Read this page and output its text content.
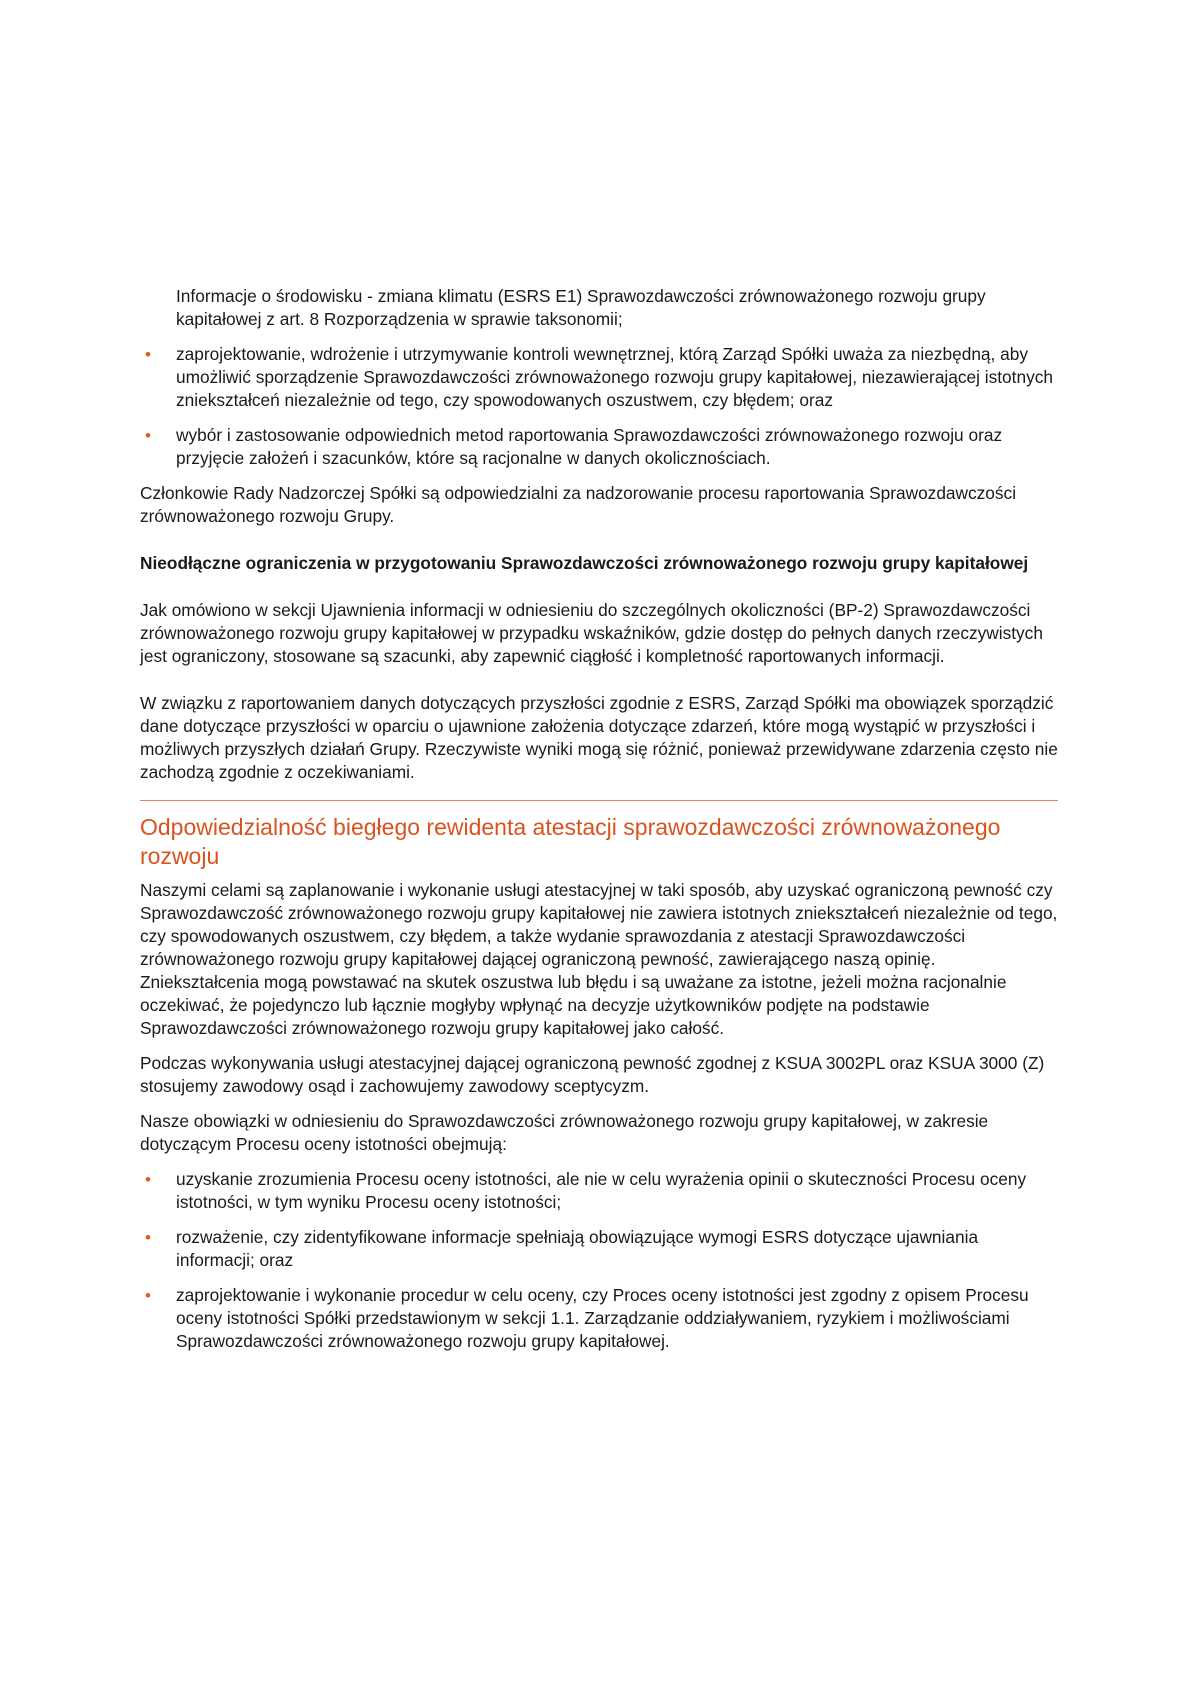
Informacje o środowisku - zmiana klimatu (ESRS E1) Sprawozdawczości zrównoważonego rozwoju grupy kapitałowej z art. 8 Rozporządzenia w sprawie taksonomii;

• zaprojektowanie, wdrożenie i utrzymywanie kontroli wewnętrznej, którą Zarząd Spółki uważa za niezbędną, aby umożliwić sporządzenie Sprawozdawczości zrównoważonego rozwoju grupy kapitałowej, niezawierającej istotnych zniekształceń niezależnie od tego, czy spowodowanych oszustwem, czy błędem; oraz

• wybór i zastosowanie odpowiednich metod raportowania Sprawozdawczości zrównoważonego rozwoju oraz przyjęcie założeń i szacunków, które są racjonalne w danych okolicznościach.

Członkowie Rady Nadzorczej Spółki są odpowiedzialni za nadzorowanie procesu raportowania Sprawozdawczości zrównoważonego rozwoju Grupy.

Nieodłączne ograniczenia w przygotowaniu Sprawozdawczości zrównoważonego rozwoju grupy kapitałowej

Jak omówiono w sekcji Ujawnienia informacji w odniesieniu do szczególnych okoliczności (BP-2) Sprawozdawczości zrównoważonego rozwoju grupy kapitałowej w przypadku wskaźników, gdzie dostęp do pełnych danych rzeczywistych jest ograniczony, stosowane są szacunki, aby zapewnić ciągłość i kompletność raportowanych informacji.

W związku z raportowaniem danych dotyczących przyszłości zgodnie z ESRS, Zarząd Spółki ma obowiązek sporządzić dane dotyczące przyszłości w oparciu o ujawnione założenia dotyczące zdarzeń, które mogą wystąpić w przyszłości i możliwych przyszłych działań Grupy. Rzeczywiste wyniki mogą się różnić, ponieważ przewidywane zdarzenia często nie zachodzą zgodnie z oczekiwaniami.

Odpowiedzialność biegłego rewidenta atestacji sprawozdawczości zrównoważonego rozwoju

Naszymi celami są zaplanowanie i wykonanie usługi atestacyjnej w taki sposób, aby uzyskać ograniczoną pewność czy Sprawozdawczość zrównoważonego rozwoju grupy kapitałowej nie zawiera istotnych zniekształceń niezależnie od tego, czy spowodowanych oszustwem, czy błędem, a także wydanie sprawozdania z atestacji Sprawozdawczości zrównoważonego rozwoju grupy kapitałowej dającej ograniczoną pewność, zawierającego naszą opinię. Zniekształcenia mogą powstawać na skutek oszustwa lub błędu i są uważane za istotne, jeżeli można racjonalnie oczekiwać, że pojedynczo lub łącznie mogłyby wpłynąć na decyzje użytkowników podjęte na podstawie Sprawozdawczości zrównoważonego rozwoju grupy kapitałowej jako całość.

Podczas wykonywania usługi atestacyjnej dającej ograniczoną pewność zgodnej z KSUA 3002PL oraz KSUA 3000 (Z) stosujemy zawodowy osąd i zachowujemy zawodowy sceptycyzm.

Nasze obowiązki w odniesieniu do Sprawozdawczości zrównoważonego rozwoju grupy kapitałowej, w zakresie dotyczącym Procesu oceny istotności obejmują:

• uzyskanie zrozumienia Procesu oceny istotności, ale nie w celu wyrażenia opinii o skuteczności Procesu oceny istotności, w tym wyniku Procesu oceny istotności;

• rozważenie, czy zidentyfikowane informacje spełniają obowiązujące wymogi ESRS dotyczące ujawniania informacji; oraz

• zaprojektowanie i wykonanie procedur w celu oceny, czy Proces oceny istotności jest zgodny z opisem Procesu oceny istotności Spółki przedstawionym w sekcji 1.1. Zarządzanie oddziaływaniem, ryzykiem i możliwościami Sprawozdawczości zrównoważonego rozwoju grupy kapitałowej.
